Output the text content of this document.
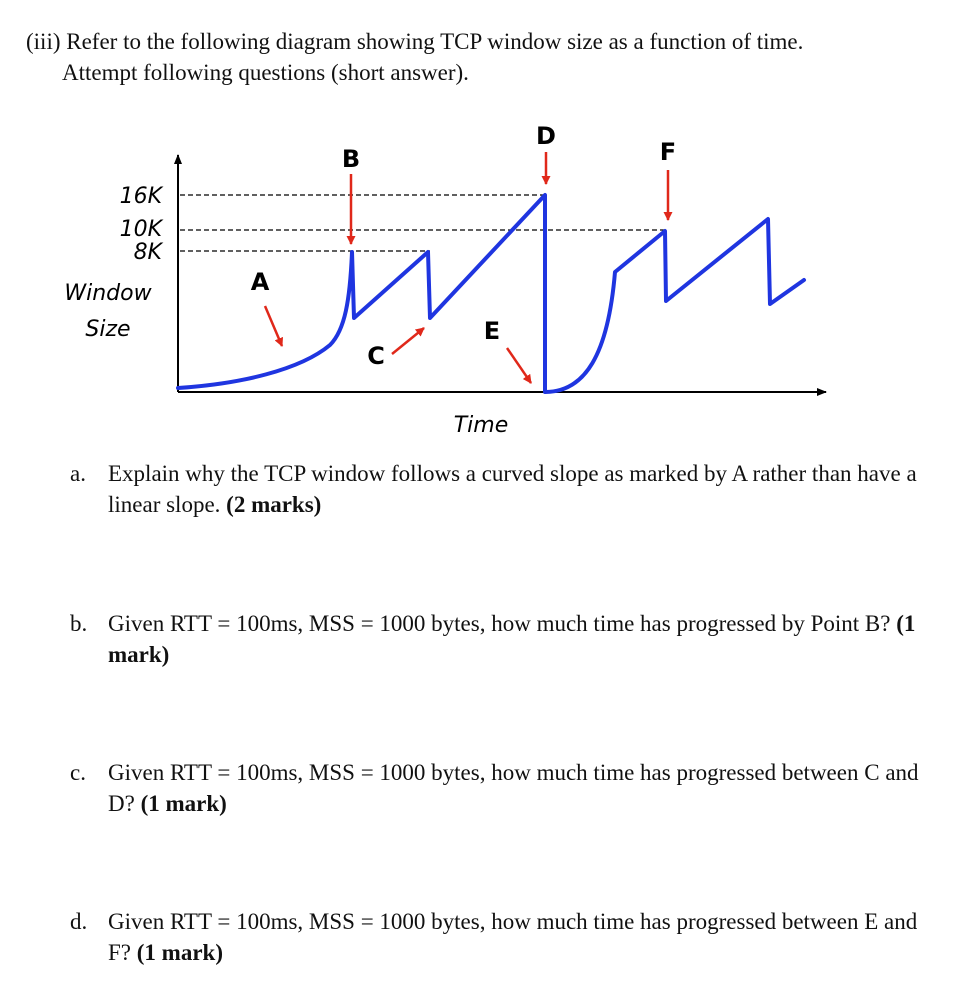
(iii) Refer to the following diagram showing TCP window size as a function of time.
Attempt following questions (short answer).
16K
10K
8K
Window Size
Time
A
B
C
D
E
F
a. Explain why the TCP window follows a curved slope as marked by A rather than have a linear slope. (2 marks)
b. Given RTT = 100ms, MSS = 1000 bytes, how much time has progressed by Point B? (1 mark)
c. Given RTT = 100ms, MSS = 1000 bytes, how much time has progressed between C and D? (1 mark)
d. Given RTT = 100ms, MSS = 1000 bytes, how much time has progressed between E and F? (1 mark)
